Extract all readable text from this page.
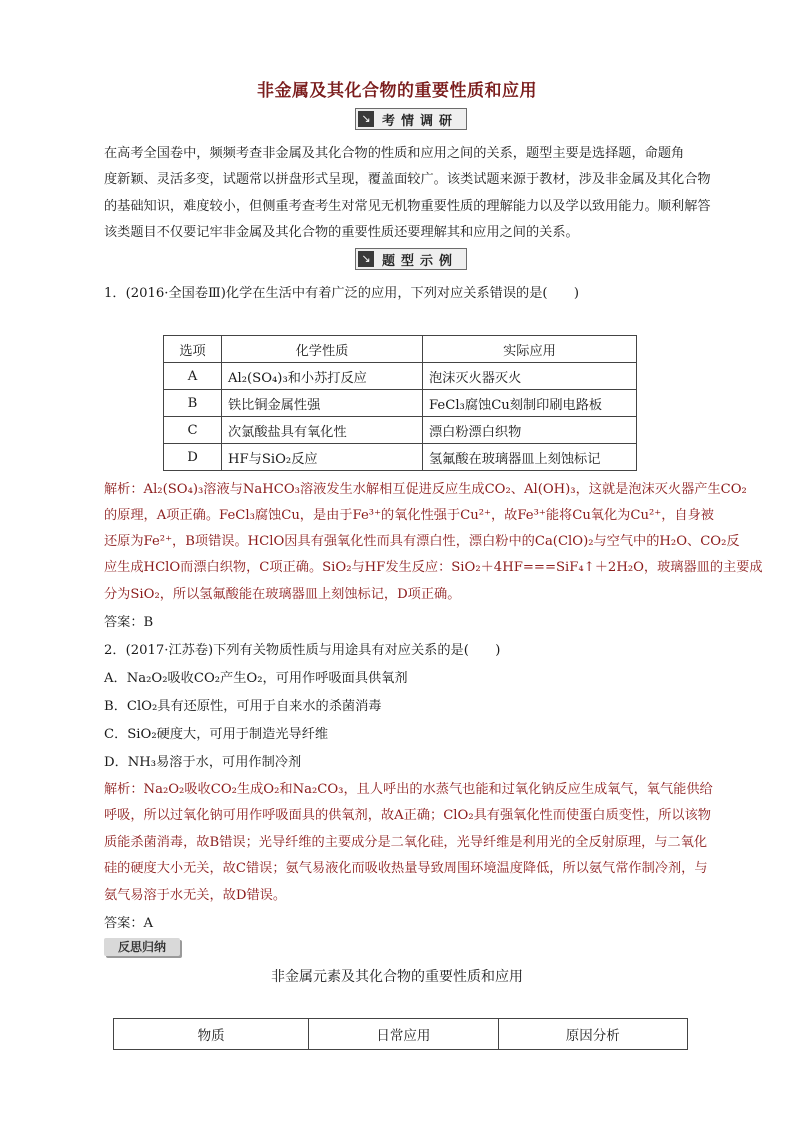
非金属及其化合物的重要性质和应用
↘ 考情调研
在高考全国卷中，频频考查非金属及其化合物的性质和应用之间的关系，题型主要是选择题，命题角
度新颖、灵活多变，试题常以拼盘形式呈现，覆盖面较广。该类试题来源于教材，涉及非金属及其化合物
的基础知识，难度较小，但侧重考查考生对常见无机物重要性质的理解能力以及学以致用能力。顺利解答
该类题目不仅要记牢非金属及其化合物的重要性质还要理解其和应用之间的关系。
↘ 题型示例
1．(2016·全国卷Ⅲ)化学在生活中有着广泛的应用，下列对应关系错误的是(　　)
选项	化学性质	实际应用
A	Al₂(SO₄)₃和小苏打反应	泡沫灭火器灭火
B	铁比铜金属性强	FeCl₃腐蚀Cu刻制印刷电路板
C	次氯酸盐具有氧化性	漂白粉漂白织物
D	HF与SiO₂反应	氢氟酸在玻璃器皿上刻蚀标记
解析：Al₂(SO₄)₃溶液与NaHCO₃溶液发生水解相互促进反应生成CO₂、Al(OH)₃，这就是泡沫灭火器产生CO₂
的原理，A项正确。FeCl₃腐蚀Cu，是由于Fe³⁺的氧化性强于Cu²⁺，故Fe³⁺能将Cu氧化为Cu²⁺，自身被
还原为Fe²⁺，B项错误。HClO因具有强氧化性而具有漂白性，漂白粉中的Ca(ClO)₂与空气中的H₂O、CO₂反
应生成HClO而漂白织物，C项正确。SiO₂与HF发生反应：SiO₂＋4HF===SiF₄↑＋2H₂O，玻璃器皿的主要成
分为SiO₂，所以氢氟酸能在玻璃器皿上刻蚀标记，D项正确。
答案：B
2．(2017·江苏卷)下列有关物质性质与用途具有对应关系的是(　　)
A．Na₂O₂吸收CO₂产生O₂，可用作呼吸面具供氧剂
B．ClO₂具有还原性，可用于自来水的杀菌消毒
C．SiO₂硬度大，可用于制造光导纤维
D．NH₃易溶于水，可用作制冷剂
解析：Na₂O₂吸收CO₂生成O₂和Na₂CO₃，且人呼出的水蒸气也能和过氧化钠反应生成氧气，氧气能供给
呼吸，所以过氧化钠可用作呼吸面具的供氧剂，故A正确；ClO₂具有强氧化性而使蛋白质变性，所以该物
质能杀菌消毒，故B错误；光导纤维的主要成分是二氧化硅，光导纤维是利用光的全反射原理，与二氧化
硅的硬度大小无关，故C错误；氨气易液化而吸收热量导致周围环境温度降低，所以氨气常作制冷剂，与
氨气易溶于水无关，故D错误。
答案：A
反思归纳
非金属元素及其化合物的重要性质和应用
物质	日常应用	原因分析
